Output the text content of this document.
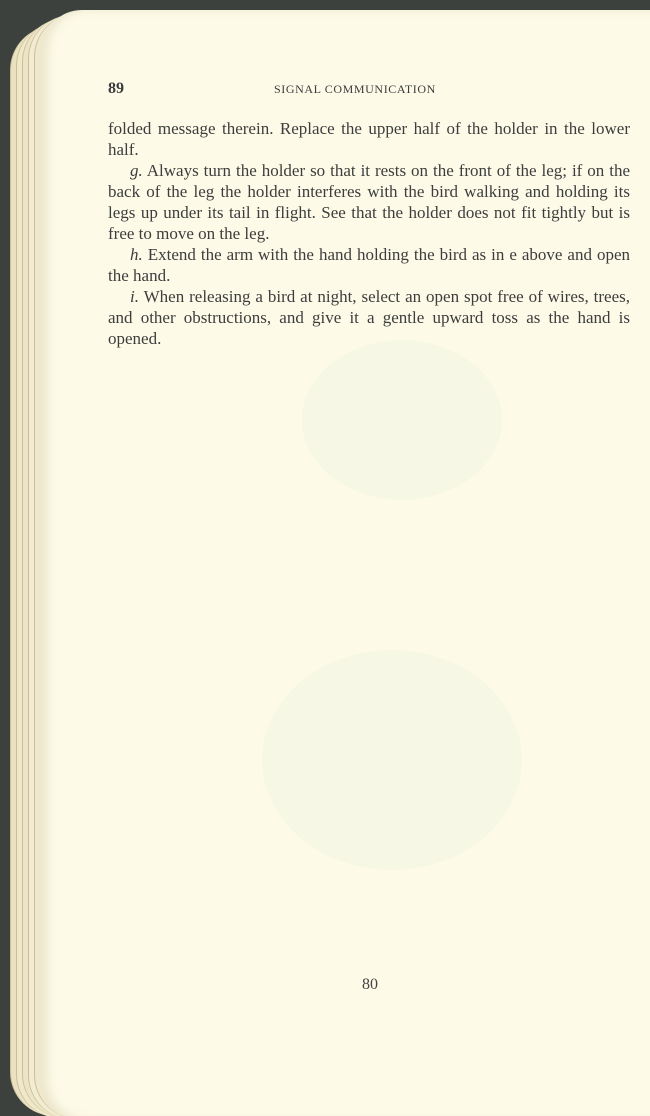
89	SIGNAL COMMUNICATION

folded message therein. Replace the upper half of the holder in the lower half.

g. Always turn the holder so that it rests on the front of the leg; if on the back of the leg the holder interferes with the bird walking and holding its legs up under its tail in flight. See that the holder does not fit tightly but is free to move on the leg.

h. Extend the arm with the hand holding the bird as in e above and open the hand.

i. When releasing a bird at night, select an open spot free of wires, trees, and other obstructions, and give it a gentle upward toss as the hand is opened.

80
